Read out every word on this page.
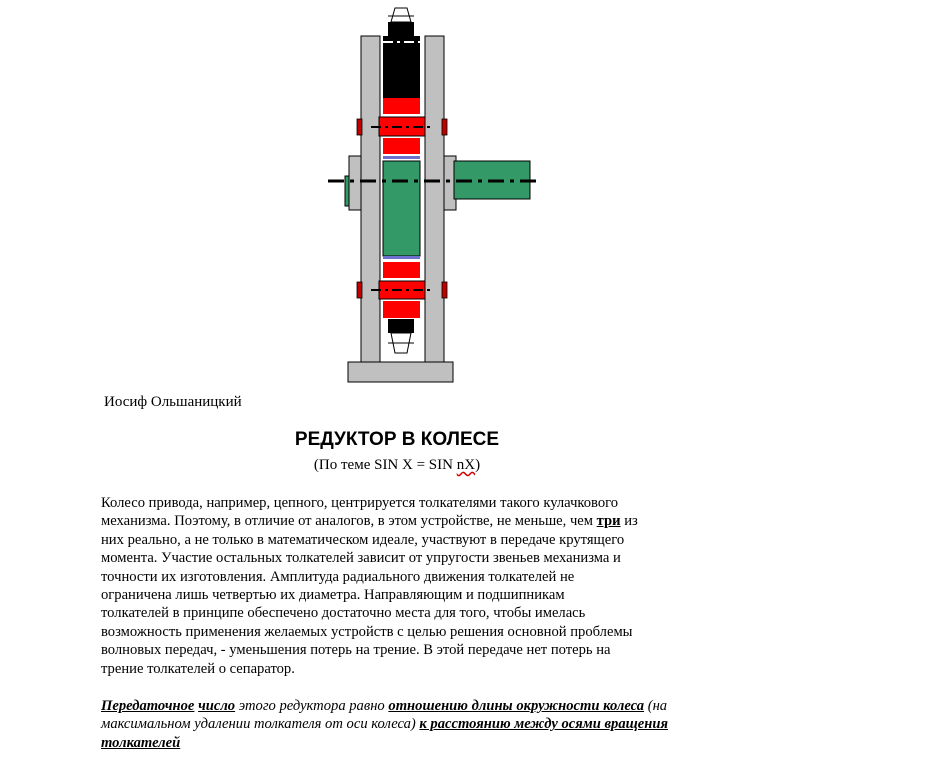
Иосиф Ольшаницкий
РЕДУКТОР В КОЛЕСЕ
(По теме SIN X = SIN nX)
Колесо привода, например, цепного, центрируется толкателями такого кулачкового
механизма. Поэтому, в отличие от аналогов, в этом устройстве, не меньше, чем три из
них реально, а не только в математическом идеале, участвуют в передаче крутящего
момента. Участие остальных толкателей зависит от упругости звеньев механизма и
точности их изготовления. Амплитуда радиального движения толкателей не
ограничена лишь четвертью их диаметра. Направляющим и подшипникам
толкателей в принципе обеспечено достаточно места для того, чтобы имелась
возможность применения желаемых устройств с целью решения основной проблемы
волновых передач, - уменьшения потерь на трение. В этой передаче нет потерь на
трение толкателей о сепаратор.
Передаточное число этого редуктора равно отношению длины окружности колеса (на максимальном удалении толкателя от оси колеса) к расстоянию между осями вращения толкателей
